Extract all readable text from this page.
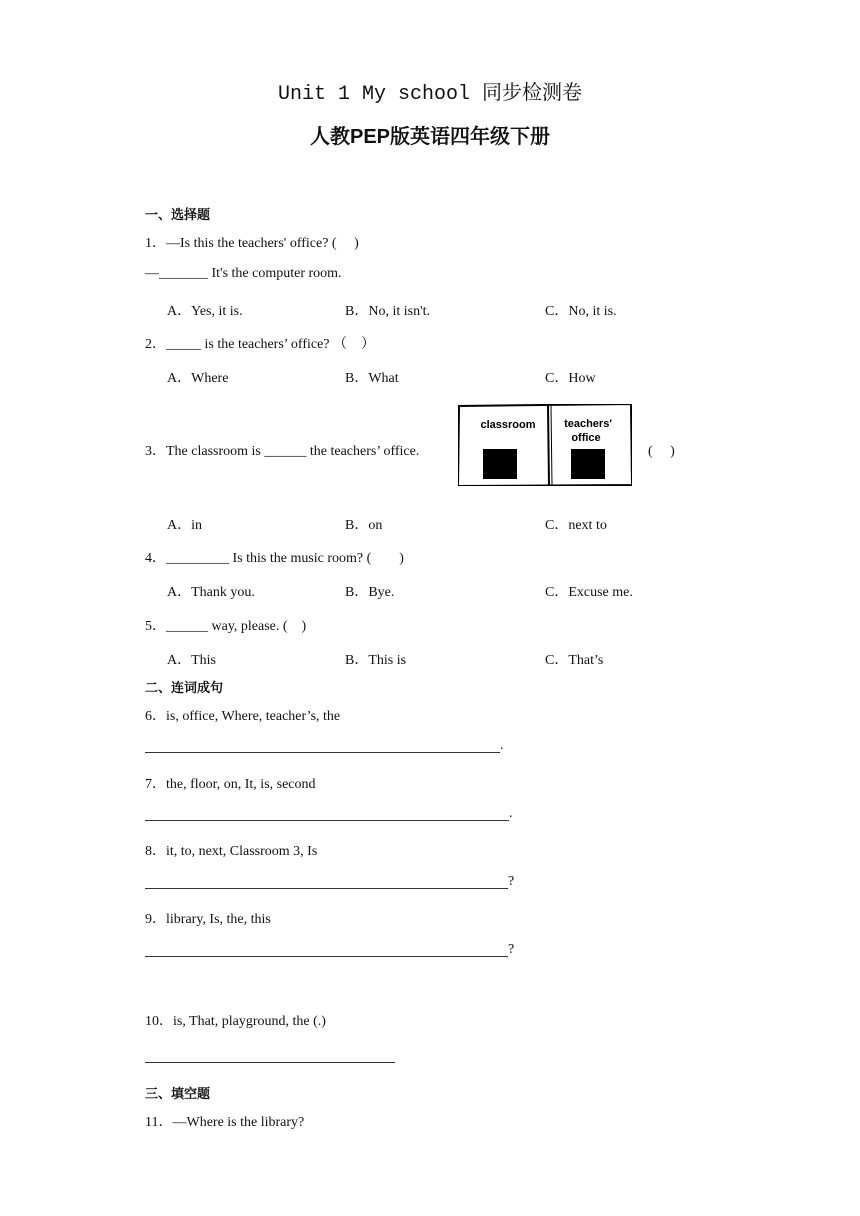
Unit 1 My school 同步检测卷
人教PEP版英语四年级下册
一、选择题
1．—Is this the teachers' office? (　 )
—_______ It's the computer room.
A．Yes, it is.	B．No, it isn't.	C．No, it is.
2．_____ is the teachers’ office? （　）
A．Where	B．What	C．How
3．The classroom is ______ the teachers’ office.
classroom	teachers'
office
(　 )
A．in	B．on	C．next to
4．_________ Is this the music room? (　　)
A．Thank you.	B．Bye.	C．Excuse me.
5．______ way, please. (　)
A．This	B．This is	C．That’s
二、连词成句
6．is, office, Where, teacher’s, the
.
7．the, floor, on, It, is, second
.
8．it, to, next, Classroom 3, Is
?
9．library, Is, the, this
?
10．is, That, playground, the (.)
三、填空题
11．—Where is the library?
